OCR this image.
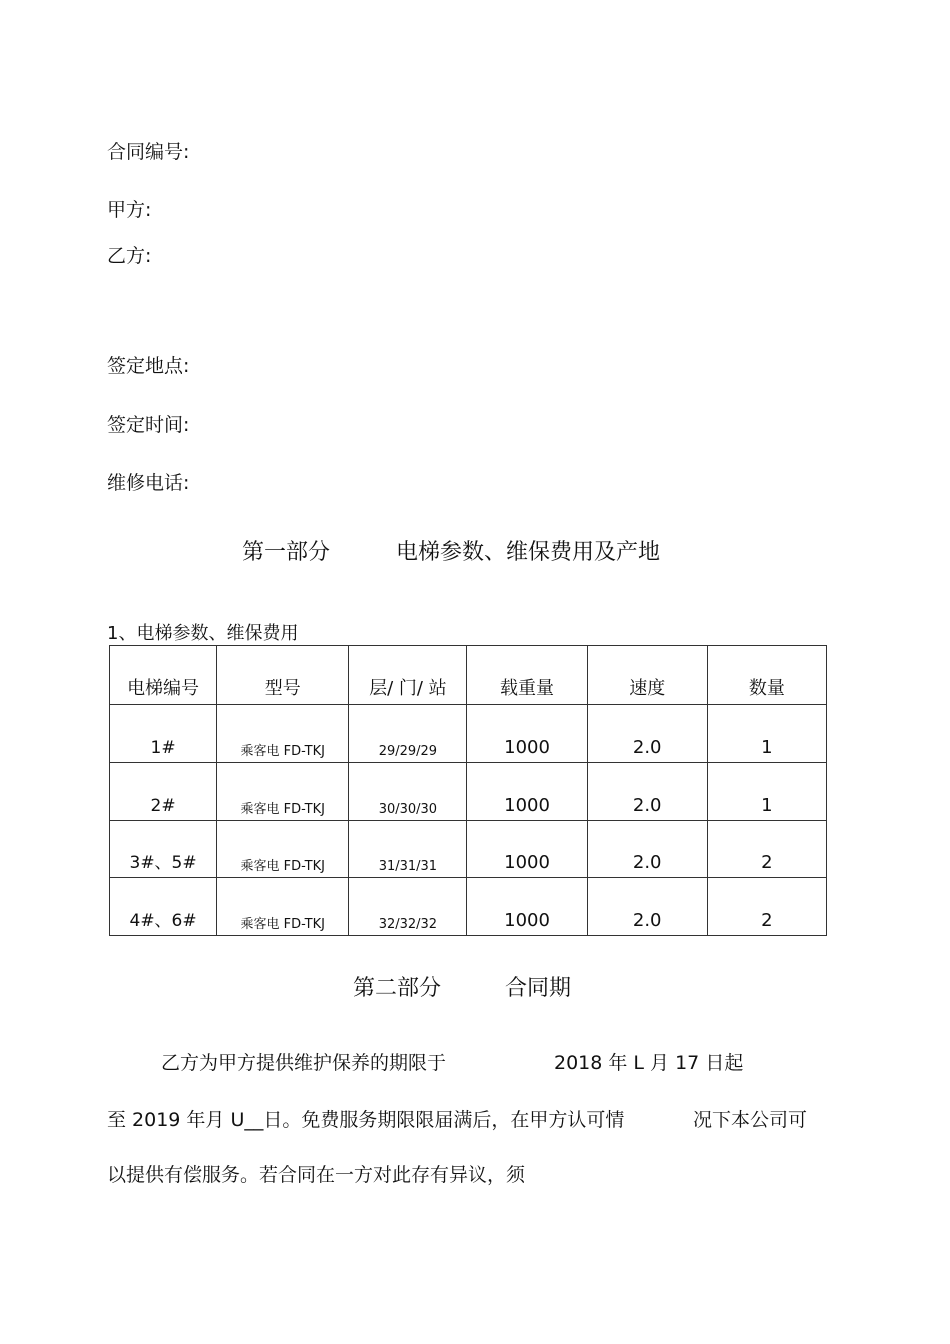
合同编号:
甲方:
乙方:
签定地点:
签定时间:
维修电话:
第一部分	电梯参数、维保费用及产地
1、电梯参数、维保费用
电梯编号	型号	层/ 门/ 站	载重量	速度	数量
1#	乘客电 FD-TKJ	29/29/29	1000	2.0	1
2#	乘客电 FD-TKJ	30/30/30	1000	2.0	1
3#、5#	乘客电 FD-TKJ	31/31/31	1000	2.0	2
4#、6#	乘客电 FD-TKJ	32/32/32	1000	2.0	2
第二部分	合同期
乙方为甲方提供维护保养的期限于	2018 年 L 月 17 日起
至 2019 年月 U__日。免费服务期限限届满后，在甲方认可情	况下本公司可
以提供有偿服务。若合同在一方对此存有异议，须
